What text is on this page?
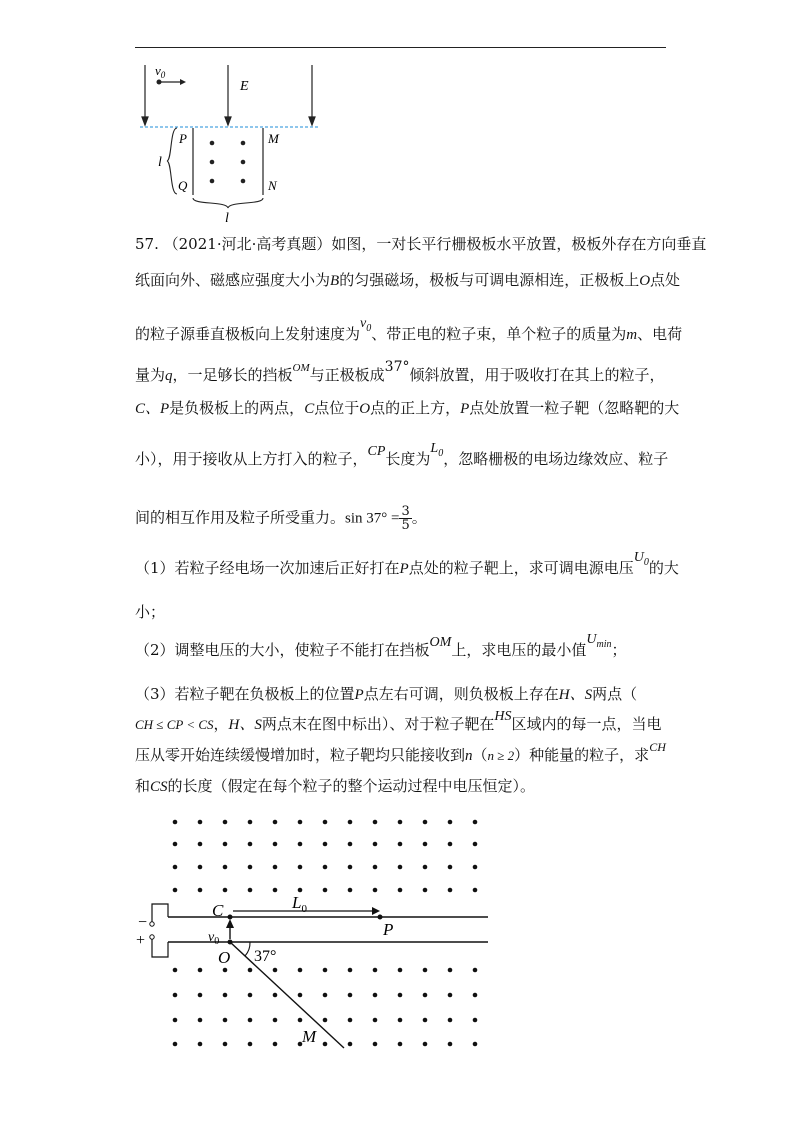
$v_0$
E
P	M
Q	N
l
l

57. （2021·河北·高考真题）如图，一对长平行栅极板水平放置，极板外存在方向垂直

纸面向外、磁感应强度大小为B的匀强磁场，极板与可调电源相连，正极板上O点处

的粒子源垂直极板向上发射速度为$v_0$、带正电的粒子束，单个粒子的质量为m、电荷

量为q，一足够长的挡板$^{OM}$与正极板成37°倾斜放置，用于吸收打在其上的粒子，

C、P是负极板上的两点，C点位于O点的正上方，P点处放置一粒子靶（忽略靶的大

小），用于接收从上方打入的粒子，CP长度为$L_0$，忽略栅极的电场边缘效应、粒子

间的相互作用及粒子所受重力。$\sin 37^\circ = \frac{3}{5}$ 。

（1）若粒子经电场一次加速后正好打在P点处的粒子靶上，求可调电源电压$U_0$的大

小；

（2）调整电压的大小，使粒子不能打在挡板OM上，求电压的最小值$U_{min}$；

（3）若粒子靶在负极板上的位置P点左右可调，则负极板上存在H、S两点（

CH ≤ CP < CS，H、S两点末在图中标出）、对于粒子靶在HS区域内的每一点，当电

压从零开始连续缓慢增加时，粒子靶均只能接收到n（n ≥ 2）种能量的粒子，求$^{CH}$

和CS的长度（假定在每个粒子的整个运动过程中电压恒定）。

C	$L_0$
P
−
+	$v_0$
O 37°
M
